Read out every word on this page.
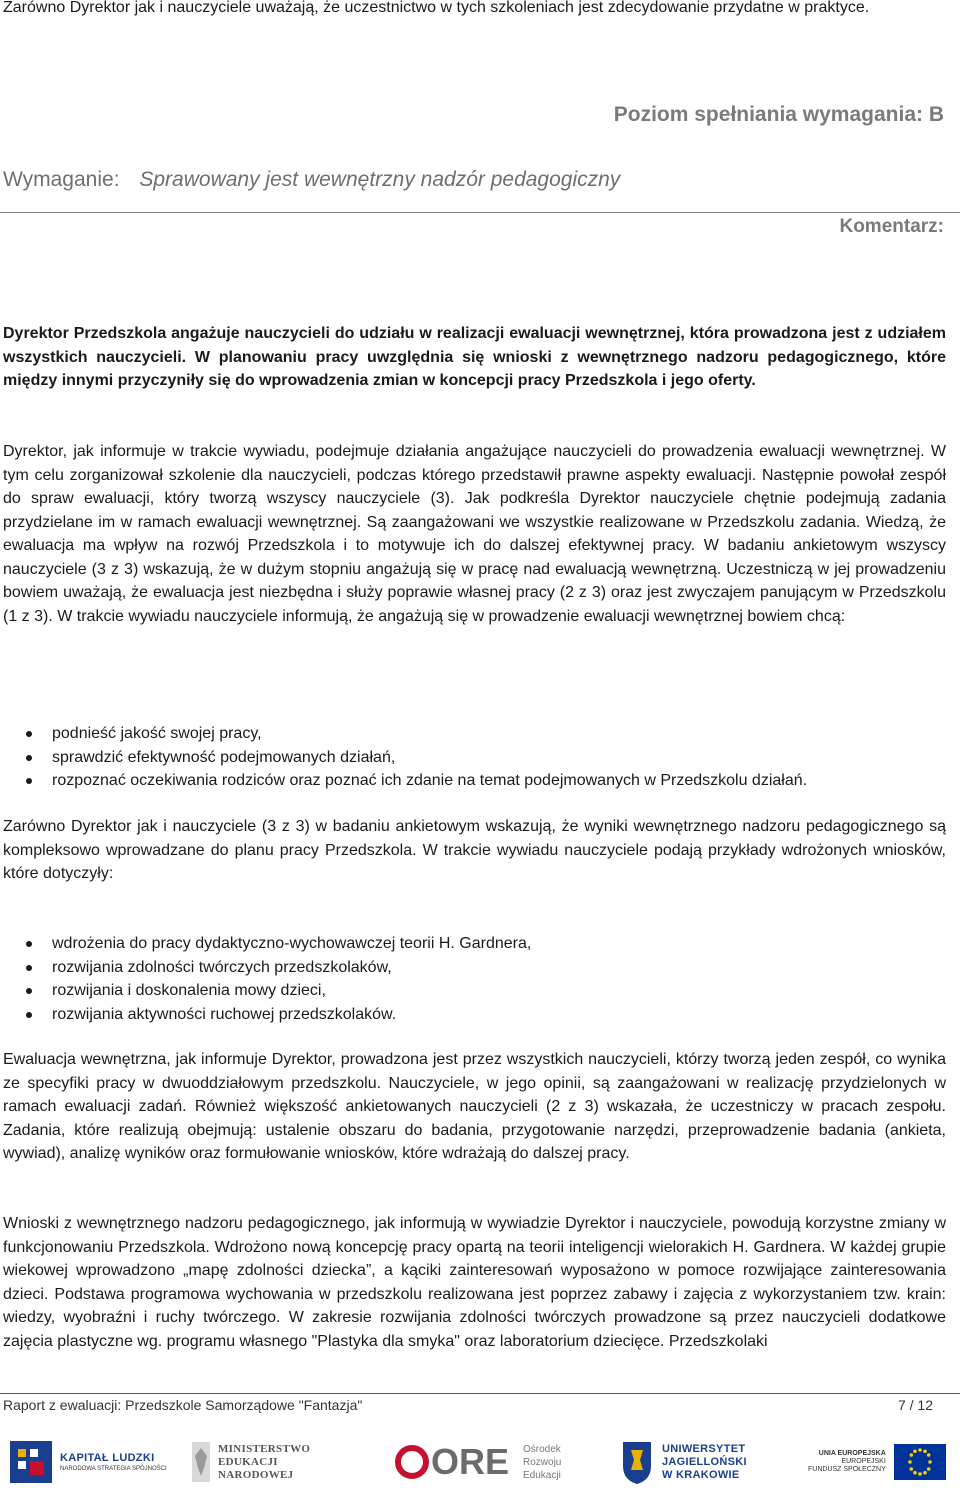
Zarówno Dyrektor jak i nauczyciele uważają, że uczestnictwo w tych szkoleniach jest zdecydowanie przydatne w praktyce.

Poziom spełniania wymagania: B
Wymaganie: Sprawowany jest wewnętrzny nadzór pedagogiczny
Komentarz:

Dyrektor Przedszkola angażuje nauczycieli do udziału w realizacji ewaluacji wewnętrznej, która prowadzona jest z udziałem wszystkich nauczycieli. W planowaniu pracy uwzględnia się wnioski z wewnętrznego nadzoru pedagogicznego, które między innymi przyczyniły się do wprowadzenia zmian w koncepcji pracy Przedszkola i jego oferty.

Dyrektor, jak informuje w trakcie wywiadu, podejmuje działania angażujące nauczycieli do prowadzenia ewaluacji wewnętrznej. W tym celu zorganizował szkolenie dla nauczycieli, podczas którego przedstawił prawne aspekty ewaluacji. Następnie powołał zespół do spraw ewaluacji, który tworzą wszyscy nauczyciele (3). Jak podkreśla Dyrektor nauczyciele chętnie podejmują zadania przydzielane im w ramach ewaluacji wewnętrznej. Są zaangażowani we wszystkie realizowane w Przedszkolu zadania. Wiedzą, że ewaluacja ma wpływ na rozwój Przedszkola i to motywuje ich do dalszej efektywnej pracy. W badaniu ankietowym wszyscy nauczyciele (3 z 3) wskazują, że w dużym stopniu angażują się w pracę nad ewaluacją wewnętrzną. Uczestniczą w jej prowadzeniu bowiem uważają, że ewaluacja jest niezbędna i służy poprawie własnej pracy (2 z 3) oraz jest zwyczajem panującym w Przedszkolu (1 z 3). W trakcie wywiadu nauczyciele informują, że angażują się w prowadzenie ewaluacji wewnętrznej bowiem chcą:

podnieść jakość swojej pracy,
sprawdzić efektywność podejmowanych działań,
rozpoznać oczekiwania rodziców oraz poznać ich zdanie na temat podejmowanych w Przedszkolu działań.

Zarówno Dyrektor jak i nauczyciele (3 z 3) w badaniu ankietowym wskazują, że wyniki wewnętrznego nadzoru pedagogicznego są kompleksowo wprowadzane do planu pracy Przedszkola. W trakcie wywiadu nauczyciele podają przykłady wdrożonych wniosków, które dotyczyły:

wdrożenia do pracy dydaktyczno-wychowawczej teorii H. Gardnera,
rozwijania zdolności twórczych przedszkolaków,
rozwijania i doskonalenia mowy dzieci,
rozwijania aktywności ruchowej przedszkolaków.

Ewaluacja wewnętrzna, jak informuje Dyrektor, prowadzona jest przez wszystkich nauczycieli, którzy tworzą jeden zespół, co wynika ze specyfiki pracy w dwuoddziałowym przedszkolu. Nauczyciele, w jego opinii, są zaangażowani w realizację przydzielonych w ramach ewaluacji zadań. Również większość ankietowanych nauczycieli (2 z 3) wskazała, że uczestniczy w pracach zespołu. Zadania, które realizują obejmują: ustalenie obszaru do badania, przygotowanie narzędzi, przeprowadzenie badania (ankieta, wywiad), analizę wyników oraz formułowanie wniosków, które wdrażają do dalszej pracy.

Wnioski z wewnętrznego nadzoru pedagogicznego, jak informują w wywiadzie Dyrektor i nauczyciele, powodują korzystne zmiany w funkcjonowaniu Przedszkola. Wdrożono nową koncepcję pracy opartą na teorii inteligencji wielorakich H. Gardnera. W każdej grupie wiekowej wprowadzono „mapę zdolności dziecka”, a kąciki zainteresowań wyposażono w pomoce rozwijające zainteresowania dzieci. Podstawa programowa wychowania w przedszkolu realizowana jest poprzez zabawy i zajęcia z wykorzystaniem tzw. krain: wiedzy, wyobraźni i ruchy twórczego. W zakresie rozwijania zdolności twórczych prowadzone są przez nauczycieli dodatkowe zajęcia plastyczne wg. programu własnego "Plastyka dla smyka" oraz laboratorium dziecięce. Przedszkolaki

Raport z ewaluacji: Przedszkole Samorządowe "Fantazja"	7 / 12
KAPITAŁ LUDZKI
NARODOWA STRATEGIA SPÓJNOŚCI
MINISTERSTWO
EDUKACJI
NARODOWEJ	ORE Ośrodek
Rozwoju
Edukacji
UNIWERSYTET
JAGIELLOŃSKI
W KRAKOWIE
UNIA EUROPEJSKA
EUROPEJSKI
FUNDUSZ SPOŁECZNY
